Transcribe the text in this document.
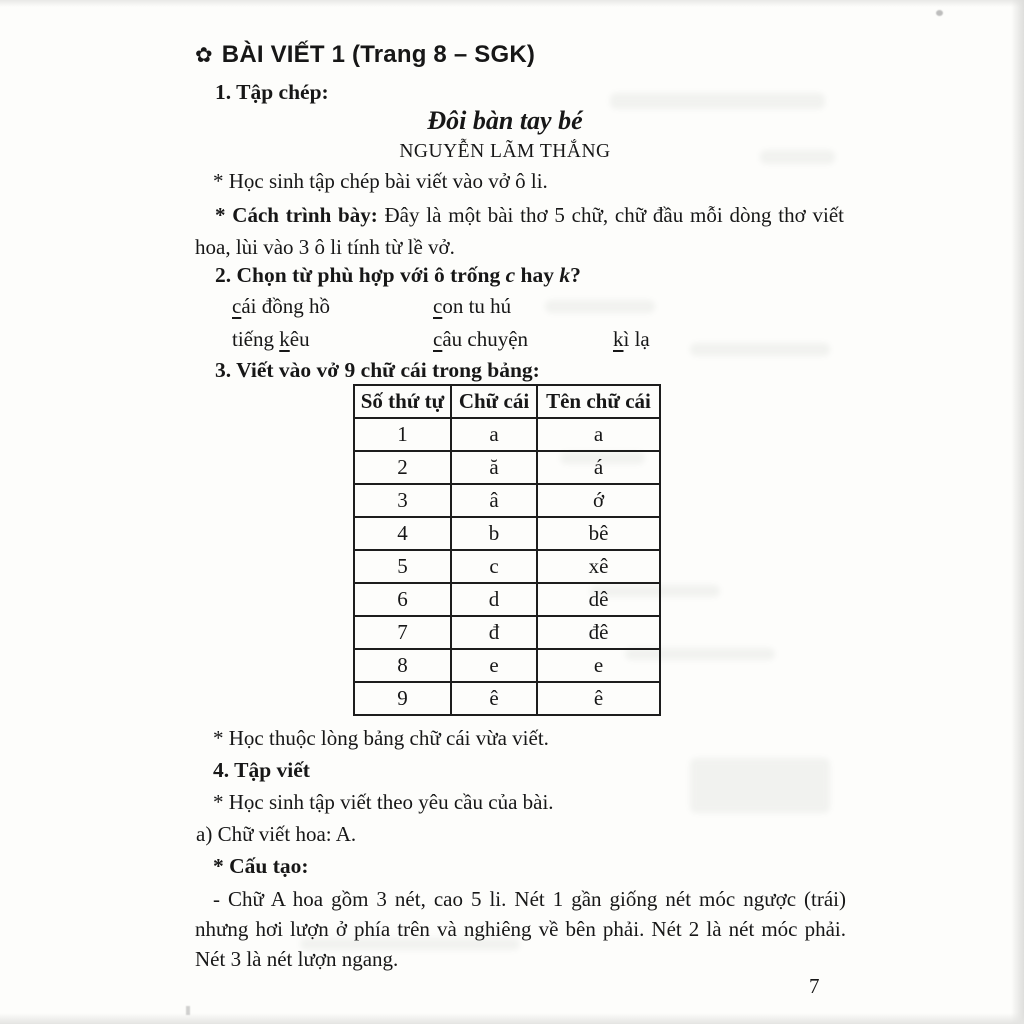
✿ BÀI VIẾT 1 (Trang 8 – SGK)
1. Tập chép:
Đôi bàn tay bé
NGUYỄN LÃM THẮNG
* Học sinh tập chép bài viết vào vở ô li.
* Cách trình bày: Đây là một bài thơ 5 chữ, chữ đầu mỗi dòng thơ viết hoa, lùi vào 3 ô li tính từ lề vở.
2. Chọn từ phù hợp với ô trống c hay k?
cái đồng hồ	con tu hú
tiếng kêu	câu chuyện	kì lạ
3. Viết vào vở 9 chữ cái trong bảng:
Số thứ tự	Chữ cái	Tên chữ cái
1	a	a
2	ă	á
3	â	ớ
4	b	bê
5	c	xê
6	d	dê
7	đ	đê
8	e	e
9	ê	ê
* Học thuộc lòng bảng chữ cái vừa viết.
4. Tập viết
* Học sinh tập viết theo yêu cầu của bài.
a) Chữ viết hoa: A.
* Cấu tạo:
- Chữ A hoa gồm 3 nét, cao 5 li. Nét 1 gần giống nét móc ngược (trái) nhưng hơi lượn ở phía trên và nghiêng về bên phải. Nét 2 là nét móc phải. Nét 3 là nét lượn ngang.
7
